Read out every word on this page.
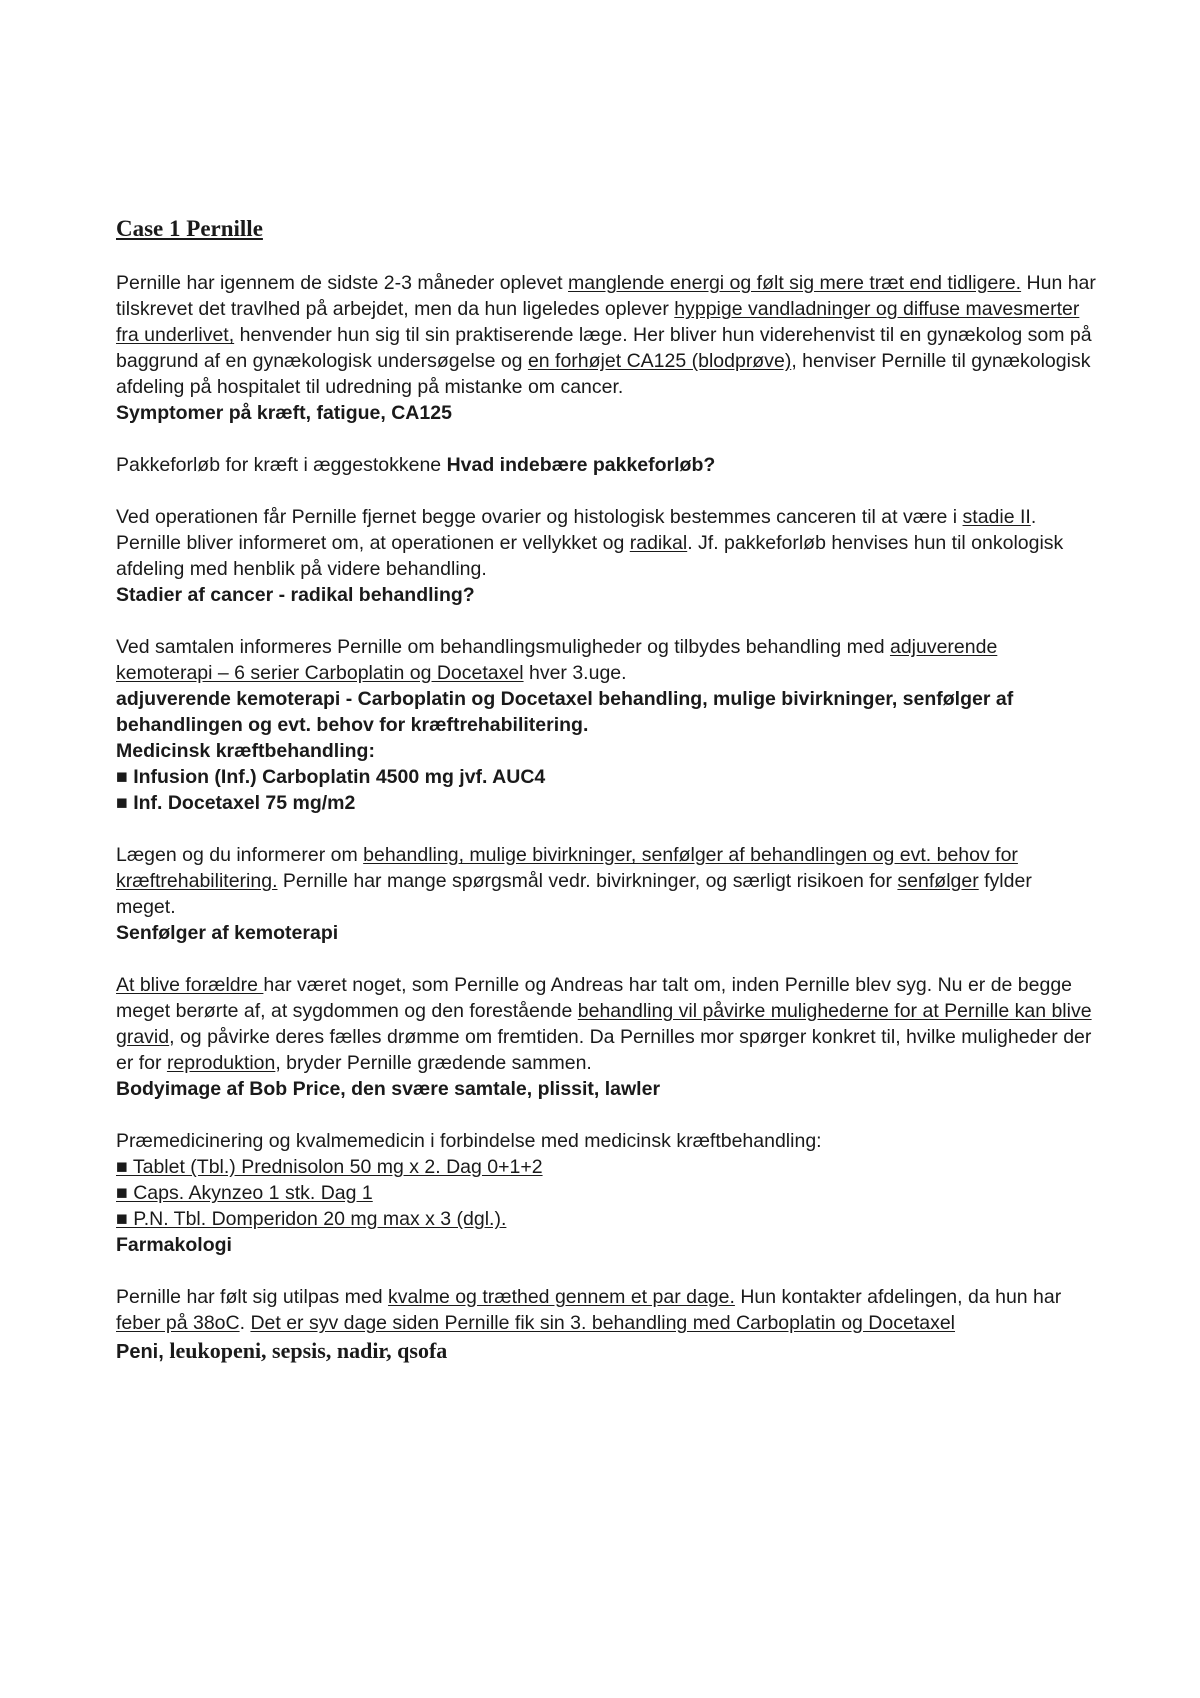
Case 1 Pernille

Pernille har igennem de sidste 2-3 måneder oplevet manglende energi og følt sig mere træt end tidligere. Hun har tilskrevet det travlhed på arbejdet, men da hun ligeledes oplever hyppige vandladninger og diffuse mavesmerter fra underlivet, henvender hun sig til sin praktiserende læge. Her bliver hun viderehenvist til en gynækolog som på baggrund af en gynækologisk undersøgelse og en forhøjet CA125 (blodprøve), henviser Pernille til gynækologisk afdeling på hospitalet til udredning på mistanke om cancer.

Symptomer på kræft, fatigue, CA125

Pakkeforløb for kræft i æggestokkene Hvad indebære pakkeforløb?

Ved operationen får Pernille fjernet begge ovarier og histologisk bestemmes canceren til at være i stadie II. Pernille bliver informeret om, at operationen er vellykket og radikal. Jf. pakkeforløb henvises hun til onkologisk afdeling med henblik på videre behandling.

Stadier af cancer - radikal behandling?

Ved samtalen informeres Pernille om behandlingsmuligheder og tilbydes behandling med adjuverende kemoterapi – 6 serier Carboplatin og Docetaxel hver 3.uge.

adjuverende kemoterapi - Carboplatin og Docetaxel behandling, mulige bivirkninger, senfølger af behandlingen og evt. behov for kræftrehabilitering.

Medicinsk kræftbehandling:

■ Infusion (Inf.) Carboplatin 4500 mg jvf. AUC4

■ Inf. Docetaxel 75 mg/m2

Lægen og du informerer om behandling, mulige bivirkninger, senfølger af behandlingen og evt. behov for kræftrehabilitering. Pernille har mange spørgsmål vedr. bivirkninger, og særligt risikoen for senfølger fylder meget.

Senfølger af kemoterapi

At blive forældre har været noget, som Pernille og Andreas har talt om, inden Pernille blev syg. Nu er de begge meget berørte af, at sygdommen og den forestående behandling vil påvirke mulighederne for at Pernille kan blive gravid, og påvirke deres fælles drømme om fremtiden. Da Pernilles mor spørger konkret til, hvilke muligheder der er for reproduktion, bryder Pernille grædende sammen.

Bodyimage af Bob Price, den svære samtale, plissit, lawler

Præmedicinering og kvalmemedicin i forbindelse med medicinsk kræftbehandling:

■ Tablet (Tbl.) Prednisolon 50 mg x 2. Dag 0+1+2

■ Caps. Akynzeo 1 stk. Dag 1

■ P.N. Tbl. Domperidon 20 mg max x 3 (dgl.).

Farmakologi

Pernille har følt sig utilpas med kvalme og træthed gennem et par dage. Hun kontakter afdelingen, da hun har feber på 38oC. Det er syv dage siden Pernille fik sin 3. behandling med Carboplatin og Docetaxel

Peni, leukopeni, sepsis, nadir, qsofa
